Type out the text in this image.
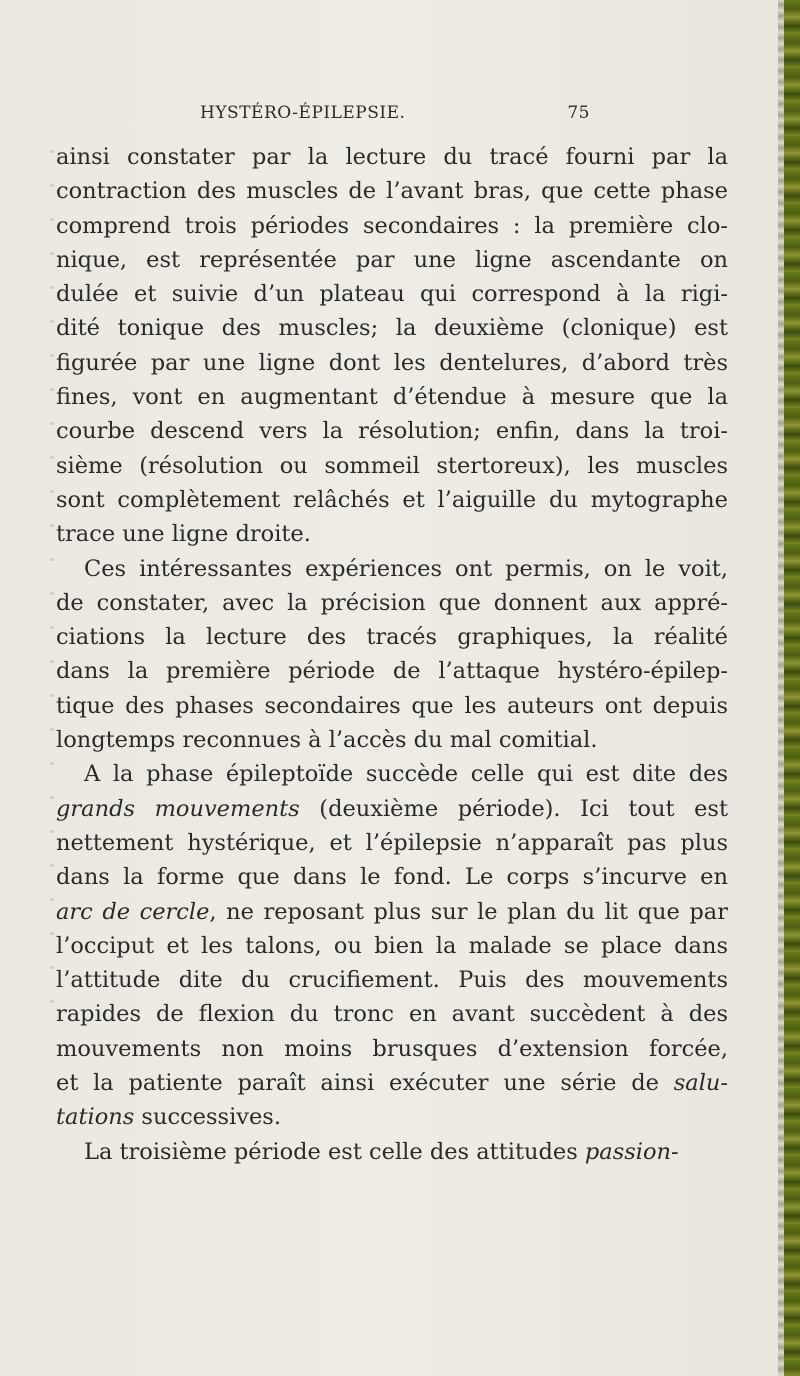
HYSTÉRO-ÉPILEPSIE.	75
ainsi constater par la lecture du tracé fourni par la
contraction des muscles de l’avant bras, que cette phase
comprend trois périodes secondaires : la première clo-
nique, est représentée par une ligne ascendante on
dulée et suivie d’un plateau qui correspond à la rigi-
dité tonique des muscles; la deuxième (clonique) est
figurée par une ligne dont les dentelures, d’abord très
fines, vont en augmentant d’étendue à mesure que la
courbe descend vers la résolution; enfin, dans la troi-
sième (résolution ou sommeil stertoreux), les muscles
sont complètement relâchés et l’aiguille du mytographe
trace une ligne droite.
Ces intéressantes expériences ont permis, on le voit,
de constater, avec la précision que donnent aux appré-
ciations la lecture des tracés graphiques, la réalité
dans la première période de l’attaque hystéro-épilep-
tique des phases secondaires que les auteurs ont depuis
longtemps reconnues à l’accès du mal comitial.
A la phase épileptoïde succède celle qui est dite des
grands mouvements (deuxième période). Ici tout est
nettement hystérique, et l’épilepsie n’apparaît pas plus
dans la forme que dans le fond. Le corps s’incurve en
arc de cercle, ne reposant plus sur le plan du lit que par
l’occiput et les talons, ou bien la malade se place dans
l’attitude dite du crucifiement. Puis des mouvements
rapides de flexion du tronc en avant succèdent à des
mouvements non moins brusques d’extension forcée,
et la patiente paraît ainsi exécuter une série de salu-
tations successives.
La troisième période est celle des attitudes passion-
